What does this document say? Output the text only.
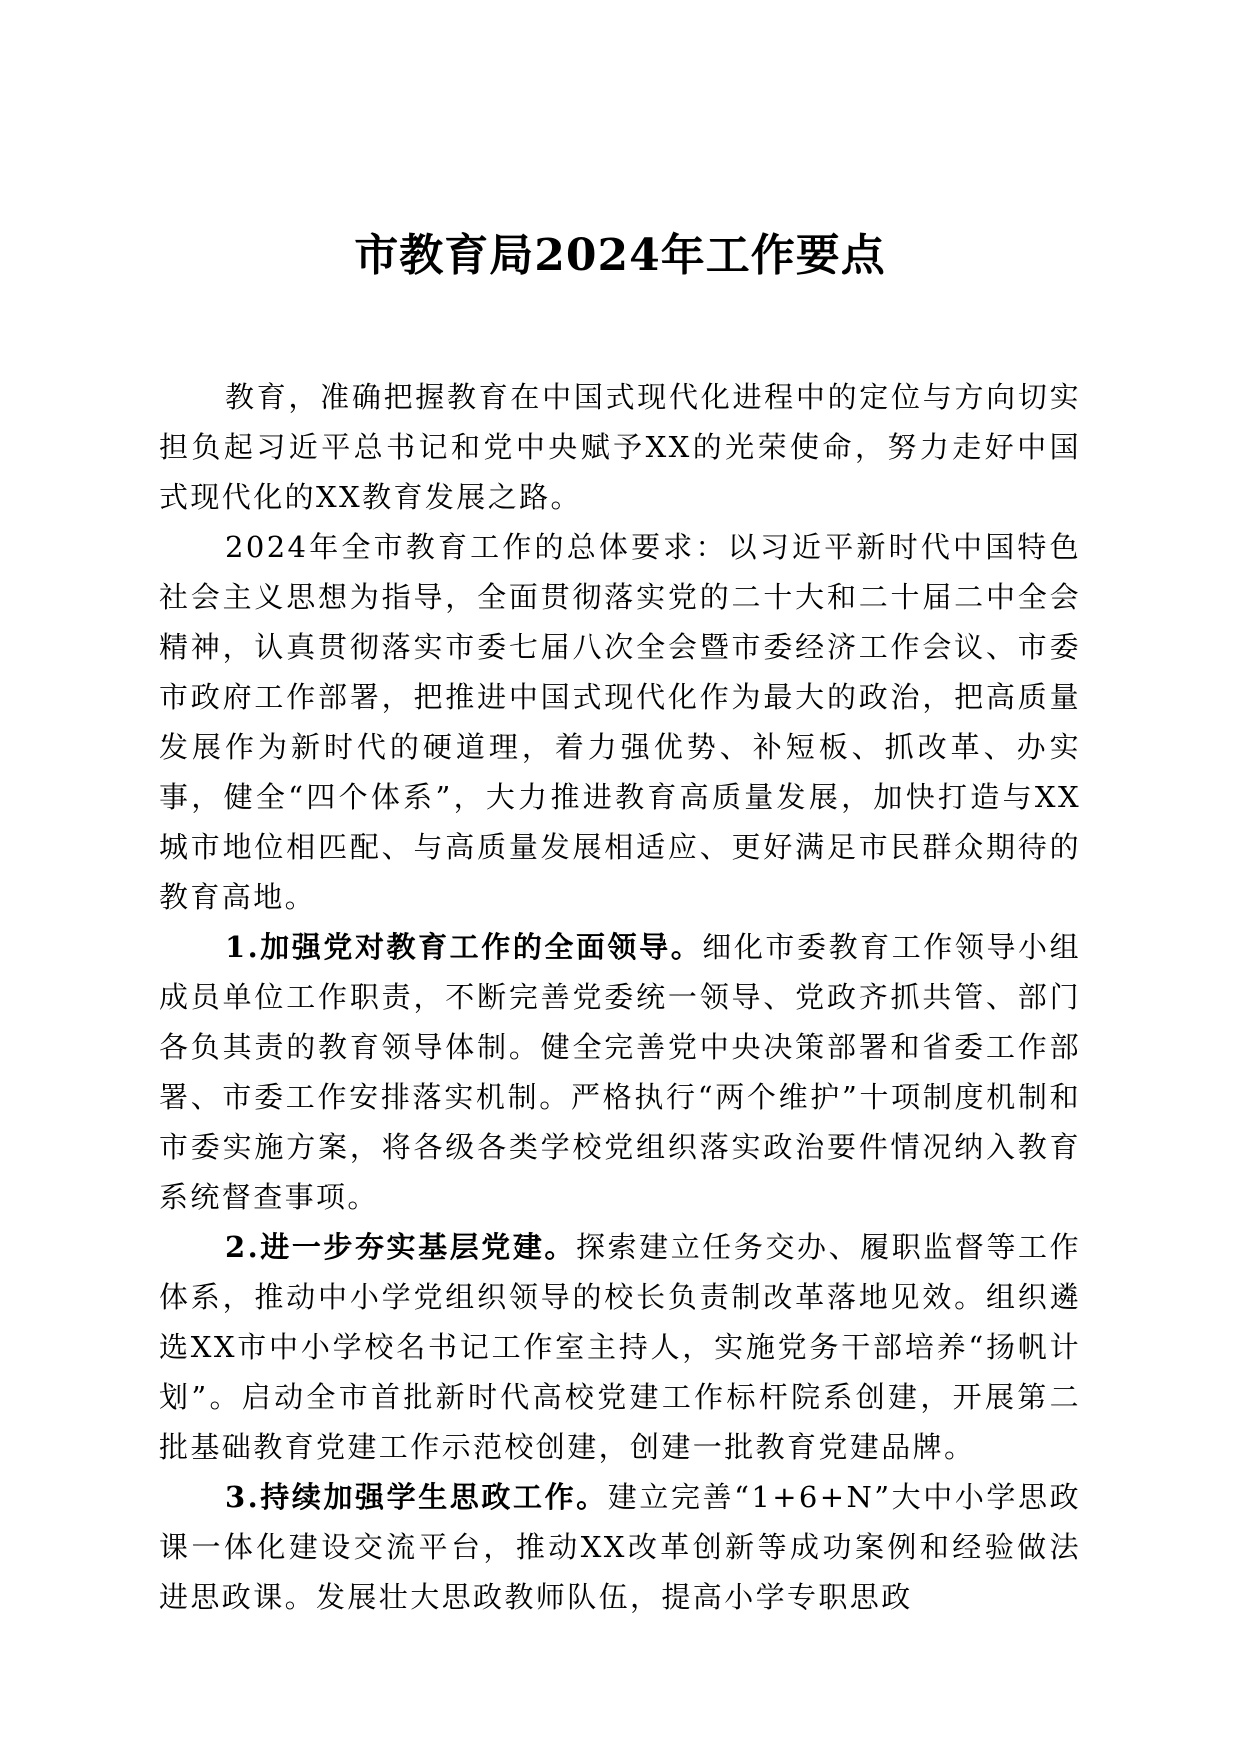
市教育局2024年工作要点

教育，准确把握教育在中国式现代化进程中的定位与方向切实担负起习近平总书记和党中央赋予XX的光荣使命，努力走好中国式现代化的XX教育发展之路。

2024年全市教育工作的总体要求：以习近平新时代中国特色社会主义思想为指导，全面贯彻落实党的二十大和二十届二中全会精神，认真贯彻落实市委七届八次全会暨市委经济工作会议、市委市政府工作部署，把推进中国式现代化作为最大的政治，把高质量发展作为新时代的硬道理，着力强优势、补短板、抓改革、办实事，健全“四个体系”，大力推进教育高质量发展，加快打造与XX城市地位相匹配、与高质量发展相适应、更好满足市民群众期待的教育高地。

1.加强党对教育工作的全面领导。细化市委教育工作领导小组成员单位工作职责，不断完善党委统一领导、党政齐抓共管、部门各负其责的教育领导体制。健全完善党中央决策部署和省委工作部署、市委工作安排落实机制。严格执行“两个维护”十项制度机制和市委实施方案，将各级各类学校党组织落实政治要件情况纳入教育系统督查事项。

2.进一步夯实基层党建。探索建立任务交办、履职监督等工作体系，推动中小学党组织领导的校长负责制改革落地见效。组织遴选XX市中小学校名书记工作室主持人，实施党务干部培养“扬帆计划”。启动全市首批新时代高校党建工作标杆院系创建，开展第二批基础教育党建工作示范校创建，创建一批教育党建品牌。

3.持续加强学生思政工作。建立完善“1+6+N”大中小学思政课一体化建设交流平台，推动XX改革创新等成功案例和经验做法进思政课。发展壮大思政教师队伍，提高小学专职思政
